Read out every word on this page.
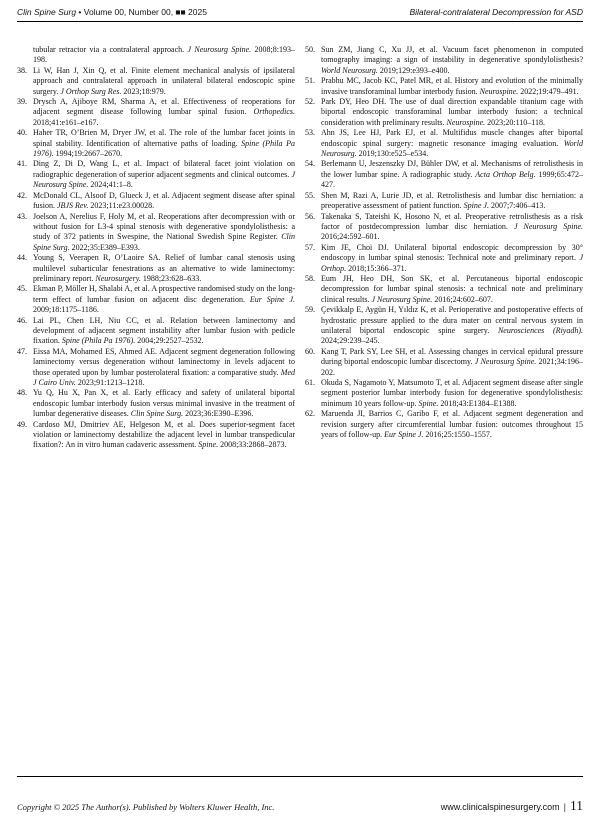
Clin Spine Surg • Volume 00, Number 00, ■■ 2025	Bilateral-contralateral Decompression for ASD
tubular retractor via a contralateral approach. J Neurosurg Spine. 2008;8:193–198.
38. Li W, Han J, Xin Q, et al. Finite element mechanical analysis of ipsilateral approach and contralateral approach in unilateral bilateral endoscopic spine surgery. J Orthop Surg Res. 2023;18:979.
39. Drysch A, Ajiboye RM, Sharma A, et al. Effectiveness of reoperations for adjacent segment disease following lumbar spinal fusion. Orthopedics. 2018;41:e161–e167.
40. Haher TR, O’Brien M, Dryer JW, et al. The role of the lumbar facet joints in spinal stability. Identification of alternative paths of loading. Spine (Phila Pa 1976). 1994;19:2667–2670.
41. Ding Z, Di D, Wang L, et al. Impact of bilateral facet joint violation on radiographic degeneration of superior adjacent segments and clinical outcomes. J Neurosurg Spine. 2024;41:1–8.
42. McDonald CL, Alsoof D, Glueck J, et al. Adjacent segment disease after spinal fusion. JBJS Rev. 2023;11:e23.00028.
43. Joelson A, Nerelius F, Holy M, et al. Reoperations after decompression with or without fusion for L3-4 spinal stenosis with degenerative spondylolisthesis: a study of 372 patients in Swespine, the National Swedish Spine Register. Clin Spine Surg. 2022;35:E389–E393.
44. Young S, Veerapen R, O’Laoire SA. Relief of lumbar canal stenosis using multilevel subarticular fenestrations as an alternative to wide laminectomy: preliminary report. Neurosurgery. 1988;23:628–633.
45. Ekman P, Möller H, Shalabi A, et al. A prospective randomised study on the long-term effect of lumbar fusion on adjacent disc degeneration. Eur Spine J. 2009;18:1175–1186.
46. Lai PL, Chen LH, Niu CC, et al. Relation between laminectomy and development of adjacent segment instability after lumbar fusion with pedicle fixation. Spine (Phila Pa 1976). 2004;29:2527–2532.
47. Eissa MA, Mohamed ES, Ahmed AE. Adjacent segment degeneration following laminectomy versus degeneration without laminectomy in levels adjacent to those operated upon by lumbar posterolateral fixation: a comparative study. Med J Cairo Univ. 2023;91:1213–1218.
48. Yu Q, Hu X, Pan X, et al. Early efficacy and safety of unilateral biportal endoscopic lumbar interbody fusion versus minimal invasive in the treatment of lumbar degenerative diseases. Clin Spine Surg. 2023;36:E390–E396.
49. Cardoso MJ, Dmitriev AE, Helgeson M, et al. Does superior-segment facet violation or laminectomy destabilize the adjacent level in lumbar transpedicular fixation?: An in vitro human cadaveric assessment. Spine. 2008;33:2868–2873.
50. Sun ZM, Jiang C, Xu JJ, et al. Vacuum facet phenomenon in computed tomography imaging: a sign of instability in degenerative spondylolisthesis? World Neurosurg. 2019;129:e393–e400.
51. Prabhu MC, Jacob KC, Patel MR, et al. History and evolution of the minimally invasive transforaminal lumbar interbody fusion. Neurospine. 2022;19:479–491.
52. Park DY, Heo DH. The use of dual direction expandable titanium cage with biportal endoscopic transforaminal lumbar interbody fusion: a technical consideration with preliminary results. Neurospine. 2023;20:110–118.
53. Ahn JS, Lee HJ, Park EJ, et al. Multifidus muscle changes after biportal endoscopic spinal surgery: magnetic resonance imaging evaluation. World Neurosurg. 2019;130:e525–e534.
54. Berlemann U, Jeszenszky DJ, Bühler DW, et al. Mechanisms of retrolisthesis in the lower lumbar spine. A radiographic study. Acta Orthop Belg. 1999;65:472–427.
55. Shen M, Razi A, Lurie JD, et al. Retrolisthesis and lumbar disc herniation: a preoperative assessment of patient function. Spine J. 2007;7:406–413.
56. Takenaka S, Tateishi K, Hosono N, et al. Preoperative retrolisthesis as a risk factor of postdecompression lumbar disc herniation. J Neurosurg Spine. 2016;24:592–601.
57. Kim JE, Choi DJ. Unilateral biportal endoscopic decompression by 30° endoscopy in lumbar spinal stenosis: Technical note and preliminary report. J Orthop. 2018;15:366–371.
58. Eum JH, Heo DH, Son SK, et al. Percutaneous biportal endoscopic decompression for lumbar spinal stenosis: a technical note and preliminary clinical results. J Neurosurg Spine. 2016;24:602–607.
59. Çevikkalp E, Aygün H, Yıldız K, et al. Perioperative and postoperative effects of hydrostatic pressure applied to the dura mater on central nervous system in unilateral biportal endoscopic spine surgery. Neurosciences (Riyadh). 2024;29:239–245.
60. Kang T, Park SY, Lee SH, et al. Assessing changes in cervical epidural pressure during biportal endoscopic lumbar discectomy. J Neurosurg Spine. 2021;34:196–202.
61. Okuda S, Nagamoto Y, Matsumoto T, et al. Adjacent segment disease after single segment posterior lumbar interbody fusion for degenerative spondylolisthesis: minimum 10 years follow-up. Spine. 2018;43:E1384–E1388.
62. Maruenda JI, Barrios C, Garibo F, et al. Adjacent segment degeneration and revision surgery after circumferential lumbar fusion: outcomes throughout 15 years of follow-up. Eur Spine J. 2016;25:1550–1557.
Copyright © 2025 The Author(s). Published by Wolters Kluwer Health, Inc.	www.clinicalspinesurgery.com | 11
